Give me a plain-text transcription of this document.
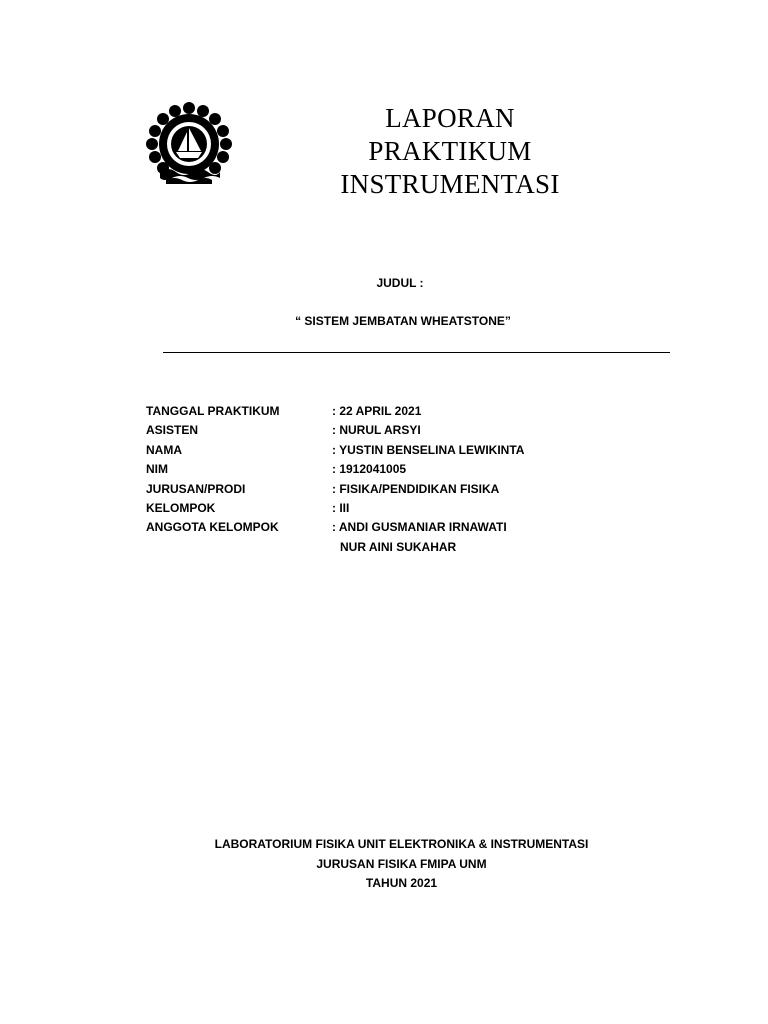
LAPORAN
PRAKTIKUM
INSTRUMENTASI
JUDUL :
“ SISTEM JEMBATAN WHEATSTONE”
TANGGAL PRAKTIKUM	: 22 APRIL 2021
ASISTEN	: NURUL ARSYI
NAMA	: YUSTIN BENSELINA LEWIKINTA
NIM	: 1912041005
JURUSAN/PRODI	: FISIKA/PENDIDIKAN FISIKA
KELOMPOK	: III
ANGGOTA KELOMPOK	: ANDI GUSMANIAR IRNAWATI
NUR AINI SUKAHAR
LABORATORIUM FISIKA UNIT ELEKTRONIKA & INSTRUMENTASI
JURUSAN FISIKA FMIPA UNM
TAHUN 2021
